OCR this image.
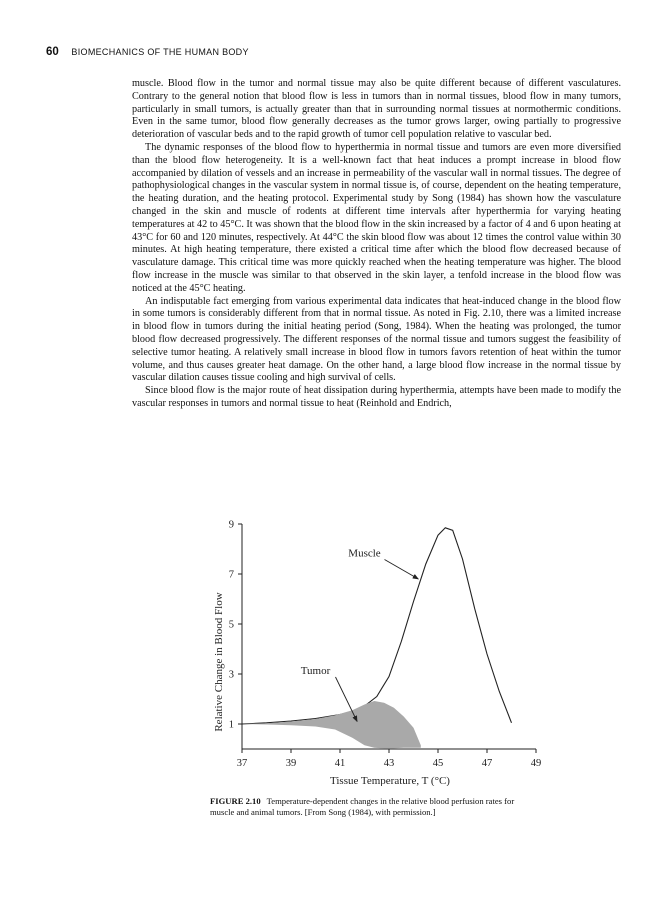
60 BIOMECHANICS OF THE HUMAN BODY

muscle. Blood flow in the tumor and normal tissue may also be quite different because of different vasculatures. Contrary to the general notion that blood flow is less in tumors than in normal tissues, blood flow in many tumors, particularly in small tumors, is actually greater than that in surrounding normal tissues at normothermic conditions. Even in the same tumor, blood flow generally decreases as the tumor grows larger, owing partially to progressive deterioration of vascular beds and to the rapid growth of tumor cell population relative to vascular bed.

The dynamic responses of the blood flow to hyperthermia in normal tissue and tumors are even more diversified than the blood flow heterogeneity. It is a well-known fact that heat induces a prompt increase in blood flow accompanied by dilation of vessels and an increase in permeability of the vascular wall in normal tissues. The degree of pathophysiological changes in the vascular system in normal tissue is, of course, dependent on the heating temperature, the heating duration, and the heating protocol. Experimental study by Song (1984) has shown how the vasculature changed in the skin and muscle of rodents at different time intervals after hyperthermia for varying heating temperatures at 42 to 45°C. It was shown that the blood flow in the skin increased by a factor of 4 and 6 upon heating at 43°C for 60 and 120 minutes, respectively. At 44°C the skin blood flow was about 12 times the control value within 30 minutes. At high heating temperature, there existed a critical time after which the blood flow decreased because of vasculature damage. This critical time was more quickly reached when the heating temperature was higher. The blood flow increase in the muscle was similar to that observed in the skin layer, a tenfold increase in the blood flow was noticed at the 45°C heating.

An indisputable fact emerging from various experimental data indicates that heat-induced change in the blood flow in some tumors is considerably different from that in normal tissue. As noted in Fig. 2.10, there was a limited increase in blood flow in tumors during the initial heating period (Song, 1984). When the heating was prolonged, the tumor blood flow decreased progressively. The different responses of the normal tissue and tumors suggest the feasibility of selective tumor heating. A relatively small increase in blood flow in tumors favors retention of heat within the tumor volume, and thus causes greater heat damage. On the other hand, a large blood flow increase in the normal tissue by vascular dilation causes tissue cooling and high survival of cells.

Since blood flow is the major route of heat dissipation during hyperthermia, attempts have been made to modify the vascular responses in tumors and normal tissue to heat (Reinhold and Endrich,

37	39	41	43	45	47	49
1
3
5
7
9
Muscle
Tumor
Tissue Temperature, T (°C)
Relative Change in Blood Flow
FIGURE 2.10 Temperature-dependent changes in the relative blood perfusion rates for muscle and animal tumors. [From Song (1984), with permission.]
